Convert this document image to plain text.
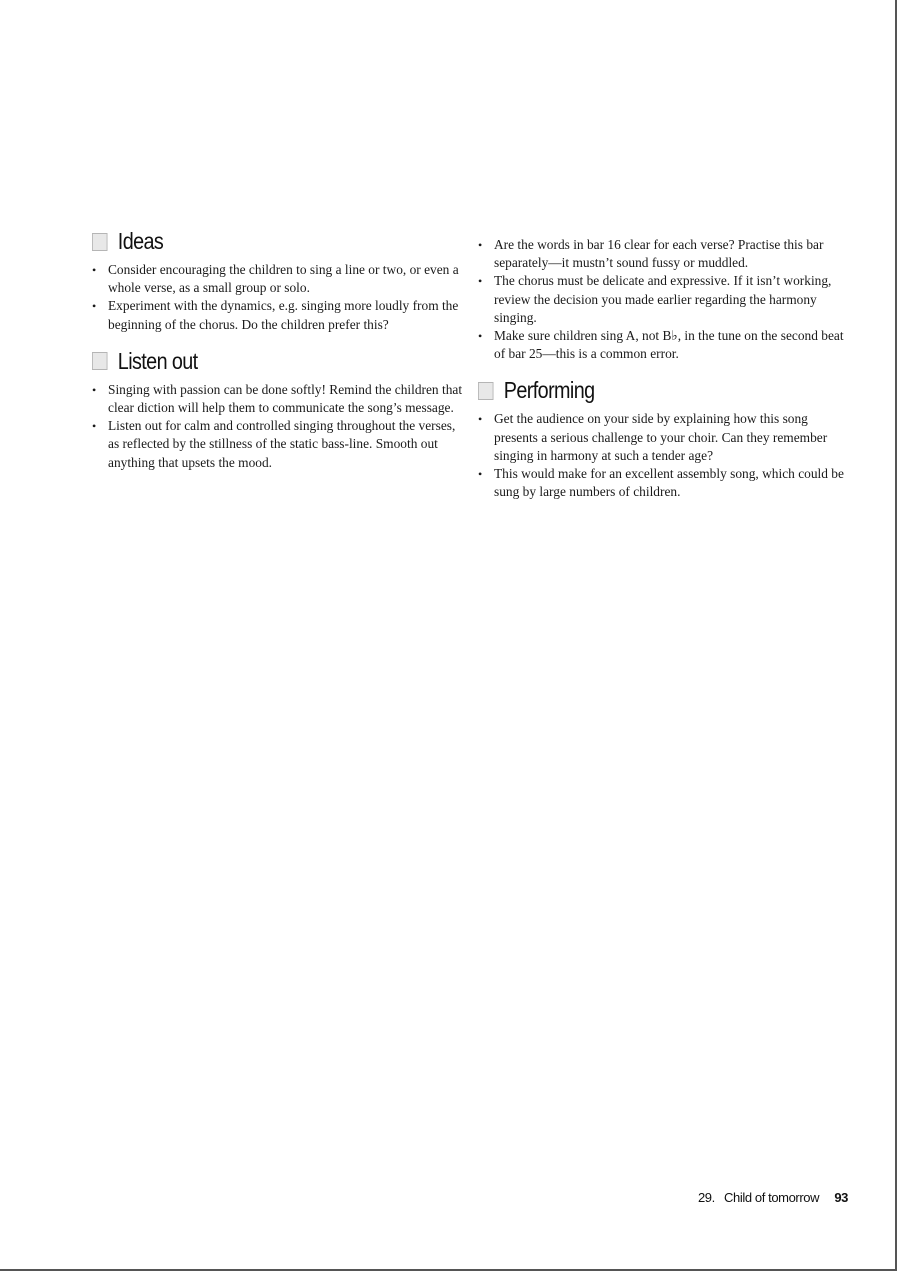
Ideas
• Consider encouraging the children to sing a line or two, or even a whole verse, as a small group or solo.
• Experiment with the dynamics, e.g. singing more loudly from the beginning of the chorus. Do the children prefer this?
Listen out
• Singing with passion can be done softly! Remind the children that clear diction will help them to communicate the song’s message.
• Listen out for calm and controlled singing throughout the verses, as reflected by the stillness of the static bass-line. Smooth out anything that upsets the mood.
• Are the words in bar 16 clear for each verse? Practise this bar separately—it mustn’t sound fussy or muddled.
• The chorus must be delicate and expressive. If it isn’t working, review the decision you made earlier regarding the harmony singing.
• Make sure children sing A, not B♭, in the tune on the second beat of bar 25—this is a common error.
Performing
• Get the audience on your side by explaining how this song presents a serious challenge to your choir. Can they remember singing in harmony at such a tender age?
• This would make for an excellent assembly song, which could be sung by large numbers of children.
29. Child of tomorrow 93
